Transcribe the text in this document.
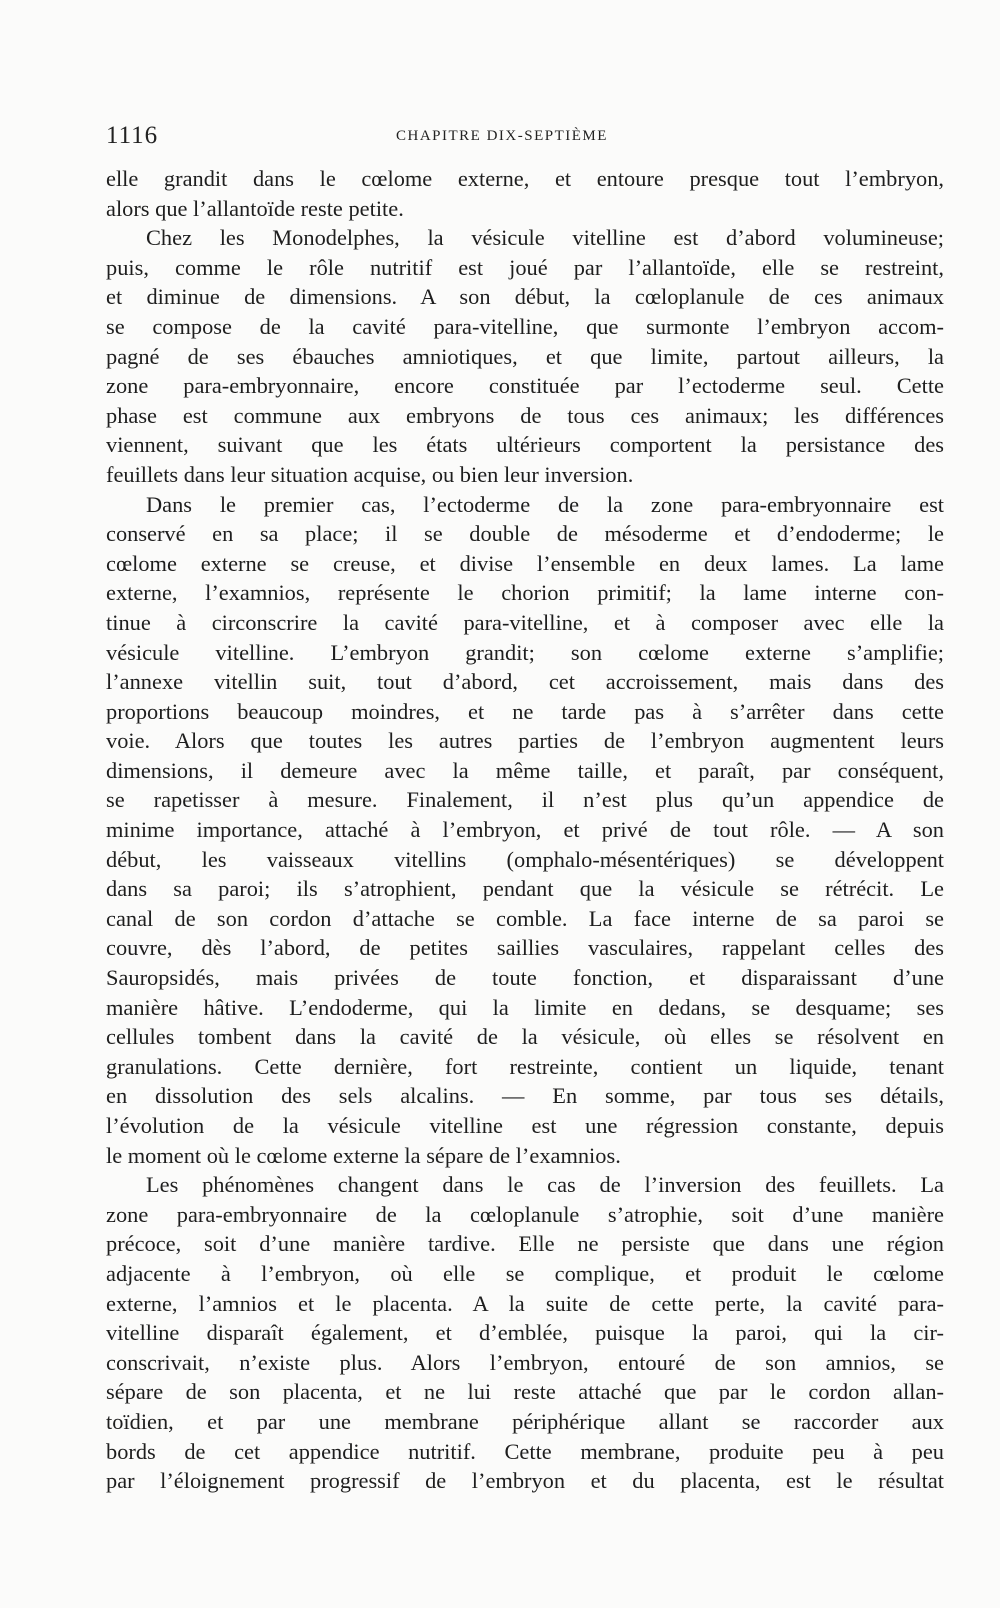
1116	CHAPITRE DIX-SEPTIÈME
elle grandit dans le cœlome externe, et entoure presque tout l’embryon,
alors que l’allantoïde reste petite.
Chez les Monodelphes, la vésicule vitelline est d’abord volumineuse;
puis, comme le rôle nutritif est joué par l’allantoïde, elle se restreint,
et diminue de dimensions. A son début, la cœloplanule de ces animaux
se compose de la cavité para-vitelline, que surmonte l’embryon accom-
pagné de ses ébauches amniotiques, et que limite, partout ailleurs, la
zone para-embryonnaire, encore constituée par l’ectoderme seul. Cette
phase est commune aux embryons de tous ces animaux; les différences
viennent, suivant que les états ultérieurs comportent la persistance des
feuillets dans leur situation acquise, ou bien leur inversion.
Dans le premier cas, l’ectoderme de la zone para-embryonnaire est
conservé en sa place; il se double de mésoderme et d’endoderme; le
cœlome externe se creuse, et divise l’ensemble en deux lames. La lame
externe, l’examnios, représente le chorion primitif; la lame interne con-
tinue à circonscrire la cavité para-vitelline, et à composer avec elle la
vésicule vitelline. L’embryon grandit; son cœlome externe s’amplifie;
l’annexe vitellin suit, tout d’abord, cet accroissement, mais dans des
proportions beaucoup moindres, et ne tarde pas à s’arrêter dans cette
voie. Alors que toutes les autres parties de l’embryon augmentent leurs
dimensions, il demeure avec la même taille, et paraît, par conséquent,
se rapetisser à mesure. Finalement, il n’est plus qu’un appendice de
minime importance, attaché à l’embryon, et privé de tout rôle. — A son
début, les vaisseaux vitellins (omphalo-mésentériques) se développent
dans sa paroi; ils s’atrophient, pendant que la vésicule se rétrécit. Le
canal de son cordon d’attache se comble. La face interne de sa paroi se
couvre, dès l’abord, de petites saillies vasculaires, rappelant celles des
Sauropsidés, mais privées de toute fonction, et disparaissant d’une
manière hâtive. L’endoderme, qui la limite en dedans, se desquame; ses
cellules tombent dans la cavité de la vésicule, où elles se résolvent en
granulations. Cette dernière, fort restreinte, contient un liquide, tenant
en dissolution des sels alcalins. — En somme, par tous ses détails,
l’évolution de la vésicule vitelline est une régression constante, depuis
le moment où le cœlome externe la sépare de l’examnios.
Les phénomènes changent dans le cas de l’inversion des feuillets. La
zone para-embryonnaire de la cœloplanule s’atrophie, soit d’une manière
précoce, soit d’une manière tardive. Elle ne persiste que dans une région
adjacente à l’embryon, où elle se complique, et produit le cœlome
externe, l’amnios et le placenta. A la suite de cette perte, la cavité para-
vitelline disparaît également, et d’emblée, puisque la paroi, qui la cir-
conscrivait, n’existe plus. Alors l’embryon, entouré de son amnios, se
sépare de son placenta, et ne lui reste attaché que par le cordon allan-
toïdien, et par une membrane périphérique allant se raccorder aux
bords de cet appendice nutritif. Cette membrane, produite peu à peu
par l’éloignement progressif de l’embryon et du placenta, est le résultat
